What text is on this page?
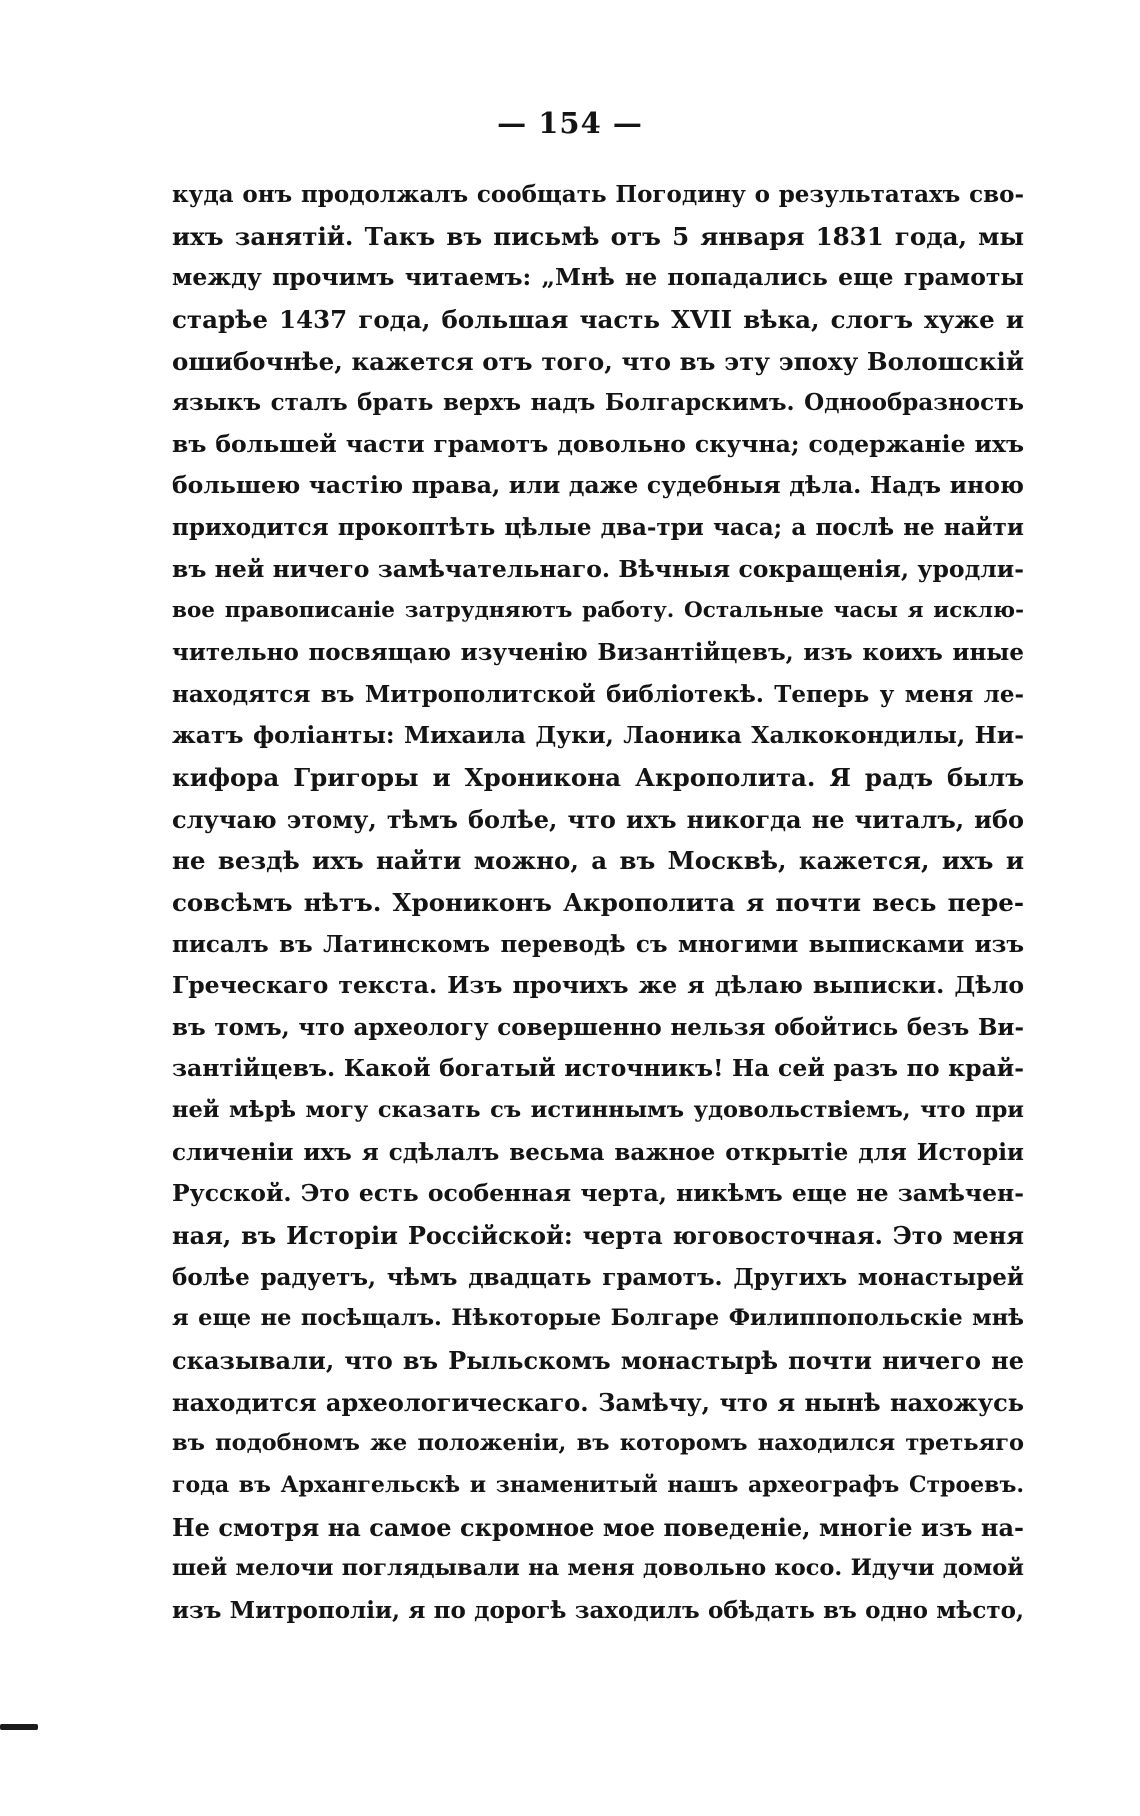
— 154 —
куда онъ продолжалъ сообщать Погодину о результатахъ сво-
ихъ занятій. Такъ въ письмѣ отъ 5 января 1831 года, мы
между прочимъ читаемъ: „Мнѣ не попадались еще грамоты
старѣе 1437 года, большая часть XVII вѣка, слогъ хуже и
ошибочнѣе, кажется отъ того, что въ эту эпоху Волошскій
языкъ сталъ брать верхъ надъ Болгарскимъ. Однообразность
въ большей части грамотъ довольно скучна; содержаніе ихъ
большею частію права, или даже судебныя дѣла. Надъ иною
приходится прокоптѣть цѣлые два-три часа; а послѣ не найти
въ ней ничего замѣчательнаго. Вѣчныя сокращенія, уродли-
вое правописаніе затрудняютъ работу. Остальные часы я исклю-
чительно посвящаю изученію Византійцевъ, изъ коихъ иные
находятся въ Митрополитской библіотекѣ. Теперь у меня ле-
жатъ фоліанты: Михаила Дуки, Лаоника Халкокондилы, Ни-
кифора Григоры и Хроникона Акрополита. Я радъ былъ
случаю этому, тѣмъ болѣе, что ихъ никогда не читалъ, ибо
не вездѣ ихъ найти можно, а въ Москвѣ, кажется, ихъ и
совсѣмъ нѣтъ. Хрониконъ Акрополита я почти весь пере-
писалъ въ Латинскомъ переводѣ съ многими выписками изъ
Греческаго текста. Изъ прочихъ же я дѣлаю выписки. Дѣло
въ томъ, что археологу совершенно нельзя обойтись безъ Ви-
зантійцевъ. Какой богатый источникъ! На сей разъ по край-
ней мѣрѣ могу сказать съ истиннымъ удовольствіемъ, что при
сличеніи ихъ я сдѣлалъ весьма важное открытіе для Исторіи
Русской. Это есть особенная черта, никѣмъ еще не замѣчен-
ная, въ Исторіи Россійской: черта юговосточная. Это меня
болѣе радуетъ, чѣмъ двадцать грамотъ. Другихъ монастырей
я еще не посѣщалъ. Нѣкоторые Болгаре Филиппопольскіе мнѣ
сказывали, что въ Рыльскомъ монастырѣ почти ничего не
находится археологическаго. Замѣчу, что я нынѣ нахожусь
въ подобномъ же положеніи, въ которомъ находился третьяго
года въ Архангельскѣ и знаменитый нашъ археографъ Строевъ.
Не смотря на самое скромное мое поведеніе, многіе изъ на-
шей мелочи поглядывали на меня довольно косо. Идучи домой
изъ Митрополіи, я по дорогѣ заходилъ обѣдать въ одно мѣсто,
